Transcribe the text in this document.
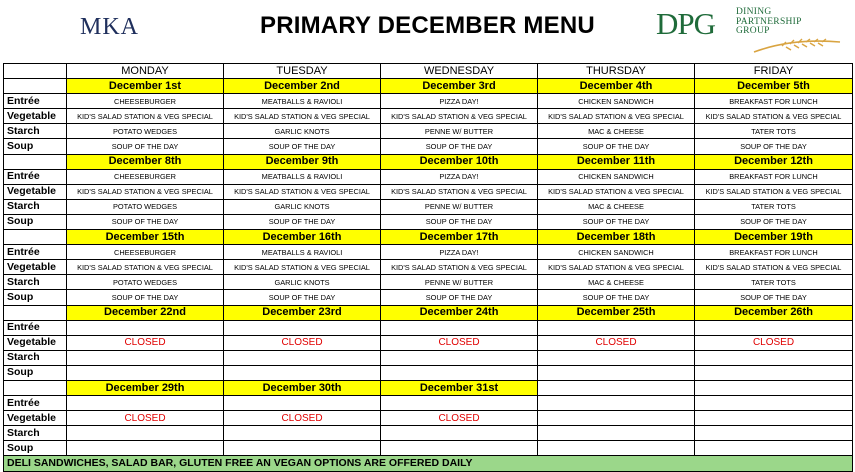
MKA	PRIMARY DECEMBER MENU DPG DINING
PARTNERSHIP
GROUP
	MONDAY	TUESDAY	WEDNESDAY	THURSDAY	FRIDAY
	December 1st	December 2nd	December 3rd	December 4th	December 5th
Entrée	CHEESEBURGER	MEATBALLS & RAVIOLI	PIZZA DAY!	CHICKEN SANDWICH	BREAKFAST FOR LUNCH
Vegetable	KID'S SALAD STATION & VEG SPECIAL	KID'S SALAD STATION & VEG SPECIAL	KID'S SALAD STATION & VEG SPECIAL	KID'S SALAD STATION & VEG SPECIAL	KID'S SALAD STATION & VEG SPECIAL
Starch	POTATO WEDGES	GARLIC KNOTS	PENNE W/ BUTTER	MAC & CHEESE	TATER TOTS
Soup	SOUP OF THE DAY	SOUP OF THE DAY	SOUP OF THE DAY	SOUP OF THE DAY	SOUP OF THE DAY
	December 8th	December 9th	December 10th	December 11th	December 12th
Entrée	CHEESEBURGER	MEATBALLS & RAVIOLI	PIZZA DAY!	CHICKEN SANDWICH	BREAKFAST FOR LUNCH
Vegetable	KID'S SALAD STATION & VEG SPECIAL	KID'S SALAD STATION & VEG SPECIAL	KID'S SALAD STATION & VEG SPECIAL	KID'S SALAD STATION & VEG SPECIAL	KID'S SALAD STATION & VEG SPECIAL
Starch	POTATO WEDGES	GARLIC KNOTS	PENNE W/ BUTTER	MAC & CHEESE	TATER TOTS
Soup	SOUP OF THE DAY	SOUP OF THE DAY	SOUP OF THE DAY	SOUP OF THE DAY	SOUP OF THE DAY
	December 15th	December 16th	December 17th	December 18th	December 19th
Entrée	CHEESEBURGER	MEATBALLS & RAVIOLI	PIZZA DAY!	CHICKEN SANDWICH	BREAKFAST FOR LUNCH
Vegetable	KID'S SALAD STATION & VEG SPECIAL	KID'S SALAD STATION & VEG SPECIAL	KID'S SALAD STATION & VEG SPECIAL	KID'S SALAD STATION & VEG SPECIAL	KID'S SALAD STATION & VEG SPECIAL
Starch	POTATO WEDGES	GARLIC KNOTS	PENNE W/ BUTTER	MAC & CHEESE	TATER TOTS
Soup	SOUP OF THE DAY	SOUP OF THE DAY	SOUP OF THE DAY	SOUP OF THE DAY	SOUP OF THE DAY
	December 22nd	December 23rd	December 24th	December 25th	December 26th
Entrée					
Vegetable	CLOSED	CLOSED	CLOSED	CLOSED	CLOSED
Starch					
Soup					
	December 29th	December 30th	December 31st		
Entrée					
Vegetable	CLOSED	CLOSED	CLOSED		
Starch					
Soup					
DELI SANDWICHES, SALAD BAR, GLUTEN FREE AN VEGAN OPTIONS ARE OFFERED DAILY					
